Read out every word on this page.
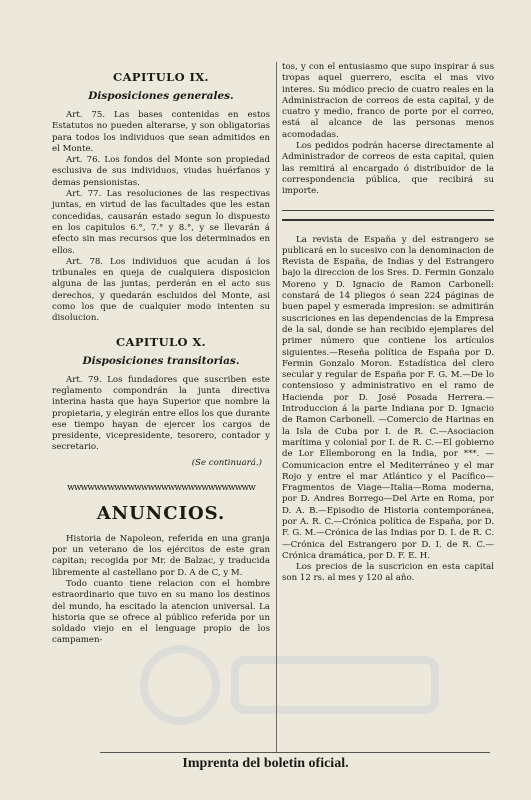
CAPITULO IX.
Disposiciones generales.

Art. 75. Las bases contenidas en estos Estatutos no pueden alterarse, y son obligatorias para todos los individuos que sean admitidos en el Monte.

Art. 76. Los fondos del Monte son propiedad esclusiva de sus individuos, viudas huérfanos y demas pensionistas.

Art. 77. Las resoluciones de las respectivas juntas, en virtud de las facultades que les estan concedidas, causarán estado segun lo dispuesto en los capitulos 6.°, 7.° y 8.°, y se llevarán á efecto sin mas recursos que los determinados en ellos.

Art. 78. Los individuos que acudan á los tribunales en queja de cualquiera disposicion alguna de las juntas, perderán en el acto sus derechos, y quedarán escluidos del Monte, asi como los que de cualquier modo intenten su disolucion.

CAPITULO X.
Disposiciones transitorias.

Art. 79. Los fundadores que suscriben este reglamento compondrán la junta directiva interina hasta que haya Superior que nombre la propietaria, y elegirán entre ellos los que durante ese tiempo hayan de ejercer los cargos de presidente, vicepresidente, tesorero, contador y secretario.

(Se continuará.)
ᴡᴡᴡᴡᴡᴡᴡᴡᴡᴡᴡᴡᴡᴡᴡᴡᴡᴡᴡᴡᴡᴡᴡᴡᴡᴡᴡᴡ
ANUNCIOS.

Historia de Napoleon, referida en una granja por un veterano de los ejércitos de este gran capitan; recogida por Mr. de Balzac, y traducida libremente al castellano por D. A de C, y M.

Todo cuanto tiene relacion con el hombre estraordinario que tuvo en su mano los destinos del mundo, ha escitado la atencion universal. La historia que se ofrece al público referida por un soldado viejo en el lenguage propio de los campamen-

tos, y con el entusiasmo que supo inspirar á sus tropas aquel guerrero, escita el mas vivo interes. Su módico precio de cuatro reales en la Administracion de correos de esta capital, y de cuatro y medio, franco de porte por el correo, está al alcance de las personas menos acomodadas.

Los pedidos podrán hacerse directamente al Administrador de correos de esta capital, quien las remitirá al encargado ó distribuidor de la correspondencia pública, que recibirá su importe.

La revista de España y del estrangero se publicará en lo sucesivo con la denominacion de Revista de España, de Indias y del Estrangero bajo la direccion de los Sres. D. Fermin Gonzalo Moreno y D. Ignacio de Ramon Carbonell: constará de 14 pliegos ó sean 224 páginas de buen papel y esmerada impresion: se admitirán suscriciones en las dependencias de la Empresa de la sal, donde se han recibido ejemplares del primer número que contiene los artículos siguientes.—Reseña política de España por D. Fermin Gonzalo Moron. Estadística del clero secular y regular de España por F. G. M.—De lo contensioso y administrativo en el ramo de Hacienda por D. José Posada Herrera.—Introduccion á la parte Indiana por D. Ignacio de Ramon Carbonell. —Comercio de Harinas en la Isla de Cuba por I. de R. C.—Asociacion marítima y colonial por I. de R. C.—El gobierno de Lor Ellemborong en la India, por ***. —Comunicacion entre el Mediterráneo y el mar Rojo y entre el mar Atlántico y el Pacífico—Fragmentos de Viage—Italia—Roma moderna, por D. Andres Borrego—Del Arte en Roma, por D. A. B.—Episodio de Historia contemporánea, por A. R. C.—Crónica política de España, por D. F. G. M.—Crónica de las Indias por D. I. de R. C.—Crónica del Estrangero por D. I. de R. C.—Crónica dramática, por D. F. E. H.

Los precios de la suscricion en esta capital son 12 rs. al mes y 120 al año.

Imprenta del boletin oficial.
